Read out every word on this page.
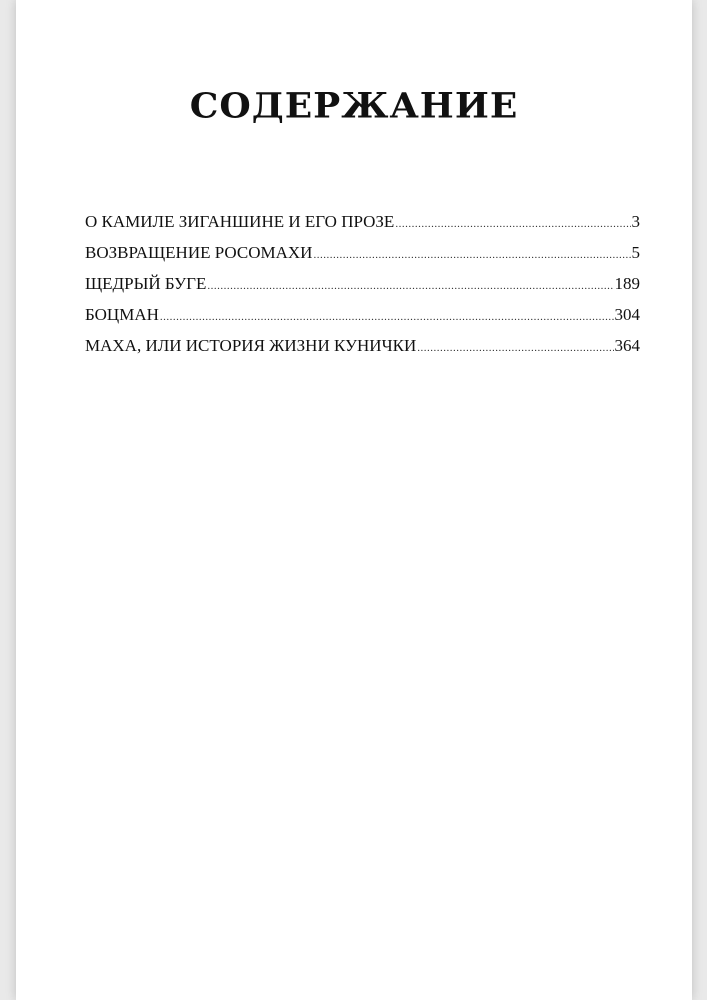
СОДЕРЖАНИЕ
О КАМИЛЕ ЗИГАНШИНЕ И ЕГО ПРОЗЕ .....	3
ВОЗВРАЩЕНИЕ РОСОМАХИ .....	5
ЩЕДРЫЙ БУГЕ .....	189
БОЦМАН .....	304
МАХА, ИЛИ ИСТОРИЯ ЖИЗНИ КУНИЧКИ .....	364
